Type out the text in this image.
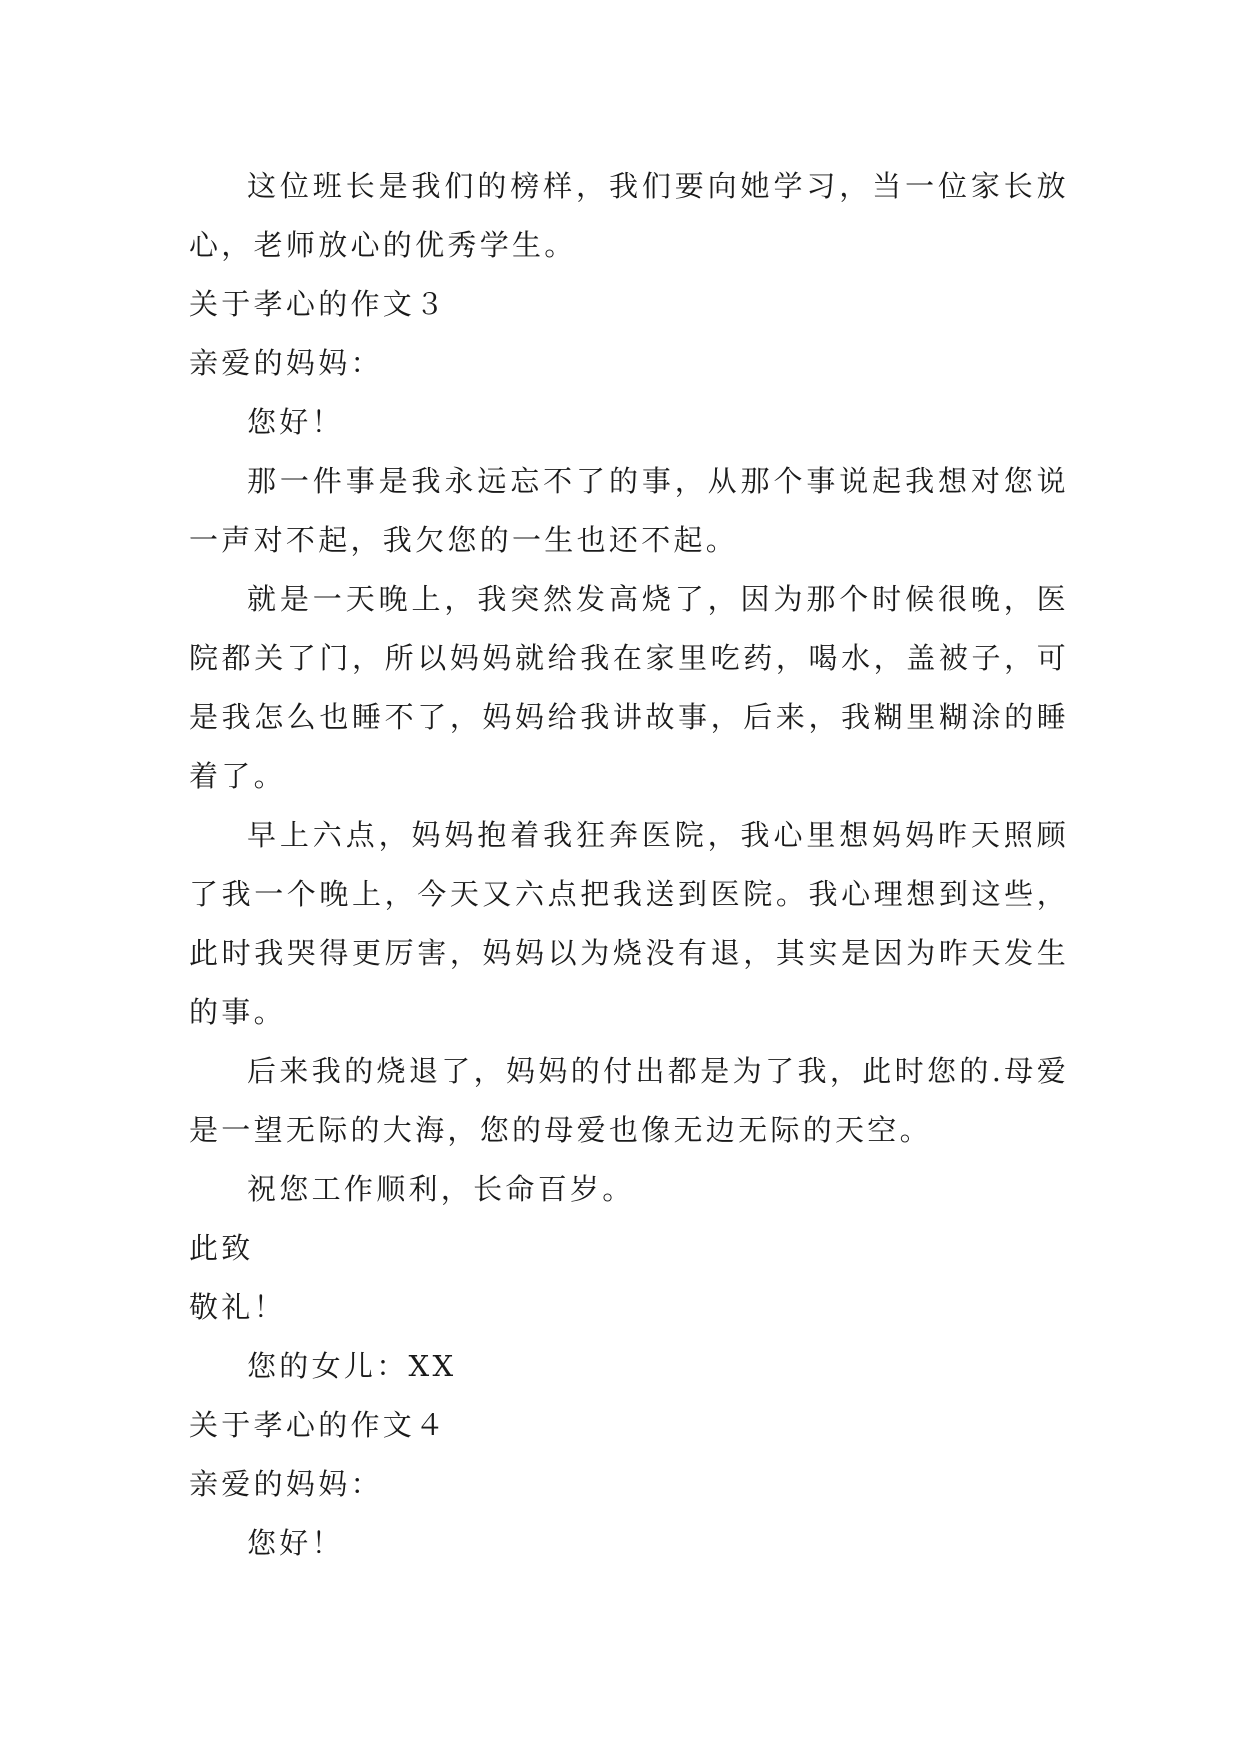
这位班长是我们的榜样，我们要向她学习，当一位家长放心，老师放心的优秀学生。

关于孝心的作文３

亲爱的妈妈：

您好！

那一件事是我永远忘不了的事，从那个事说起我想对您说一声对不起，我欠您的一生也还不起。

就是一天晚上，我突然发高烧了，因为那个时候很晚，医院都关了门，所以妈妈就给我在家里吃药，喝水，盖被子，可是我怎么也睡不了，妈妈给我讲故事，后来，我糊里糊涂的睡着了。

早上六点，妈妈抱着我狂奔医院，我心里想妈妈昨天照顾了我一个晚上，今天又六点把我送到医院。我心理想到这些，此时我哭得更厉害，妈妈以为烧没有退，其实是因为昨天发生的事。

后来我的烧退了，妈妈的付出都是为了我，此时您的.母爱是一望无际的大海，您的母爱也像无边无际的天空。

祝您工作顺利，长命百岁。

此致

敬礼！

您的女儿：XX

关于孝心的作文４

亲爱的妈妈：

您好！
